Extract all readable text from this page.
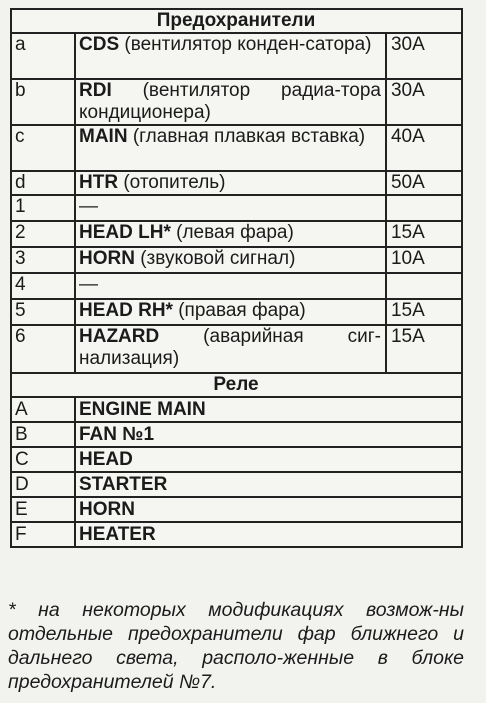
Предохранители		
a	CDS (вентилятор конден-сатора)	30A
b	RDI (вентилятор радиа-тора кондиционера)	30A
c	MAIN (главная плавкая вставка)	40A
d	HTR (отопитель)	50A
1	—	
2	HEAD LH* (левая фара)	15A
3	HORN (звуковой сигнал)	10A
4	—	
5	HEAD RH* (правая фара)	15A
6	HAZARD (аварийная сиг-нализация)	15A
Реле		
A	ENGINE MAIN	
B	FAN №1	
C	HEAD	
D	STARTER	
E	HORN	
F	HEATER	
* на некоторых модификациях возмож-ны отдельные предохранители фар ближнего и дальнего света, располо-женные в блоке предохранителей №7.
